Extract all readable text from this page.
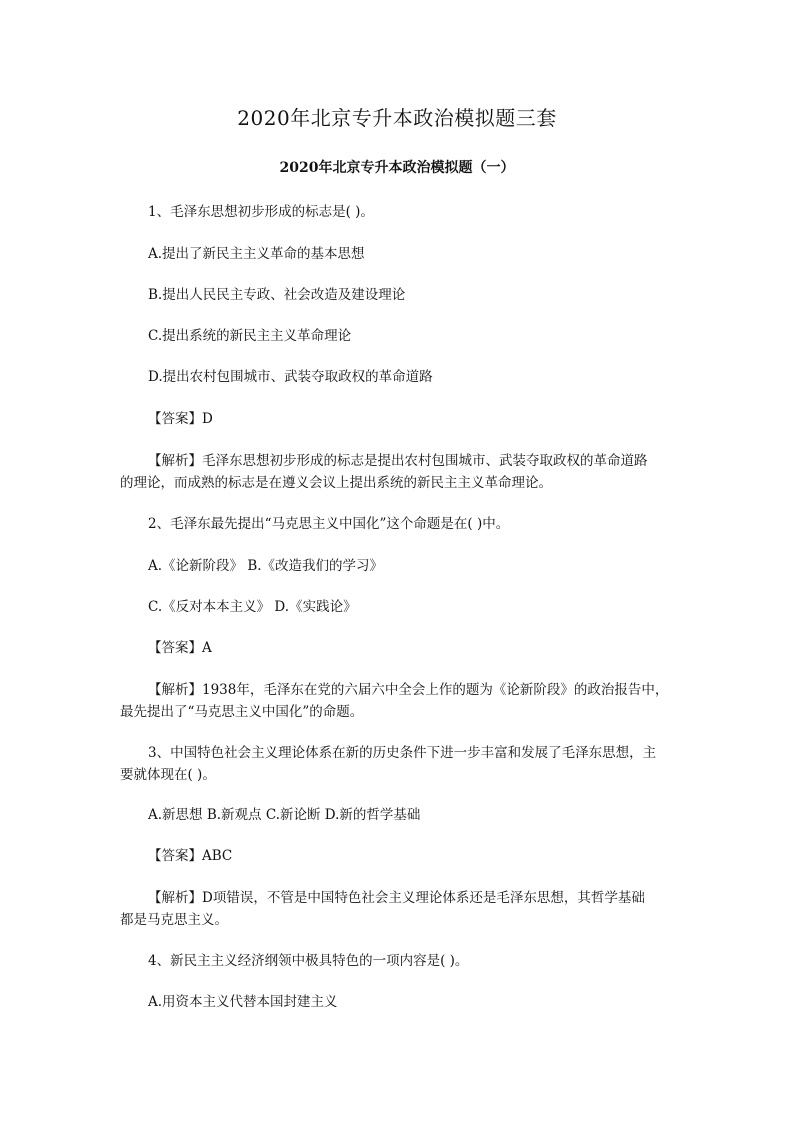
2020年北京专升本政治模拟题三套
2020年北京专升本政治模拟题（一）
1、毛泽东思想初步形成的标志是( )。
A.提出了新民主主义革命的基本思想
B.提出人民民主专政、社会改造及建设理论
C.提出系统的新民主主义革命理论
D.提出农村包围城市、武装夺取政权的革命道路
【答案】D
【解析】毛泽东思想初步形成的标志是提出农村包围城市、武装夺取政权的革命道路
的理论，而成熟的标志是在遵义会议上提出系统的新民主主义革命理论。
2、毛泽东最先提出“马克思主义中国化”这个命题是在( )中。
A.《论新阶段》 B.《改造我们的学习》
C.《反对本本主义》 D.《实践论》
【答案】A
【解析】1938年，毛泽东在党的六届六中全会上作的题为《论新阶段》的政治报告中，
最先提出了“马克思主义中国化”的命题。
3、中国特色社会主义理论体系在新的历史条件下进一步丰富和发展了毛泽东思想，主
要就体现在( )。
A.新思想 B.新观点 C.新论断 D.新的哲学基础
【答案】ABC
【解析】D项错误，不管是中国特色社会主义理论体系还是毛泽东思想，其哲学基础
都是马克思主义。
4、新民主主义经济纲领中极具特色的一项内容是( )。
A.用资本主义代替本国封建主义
